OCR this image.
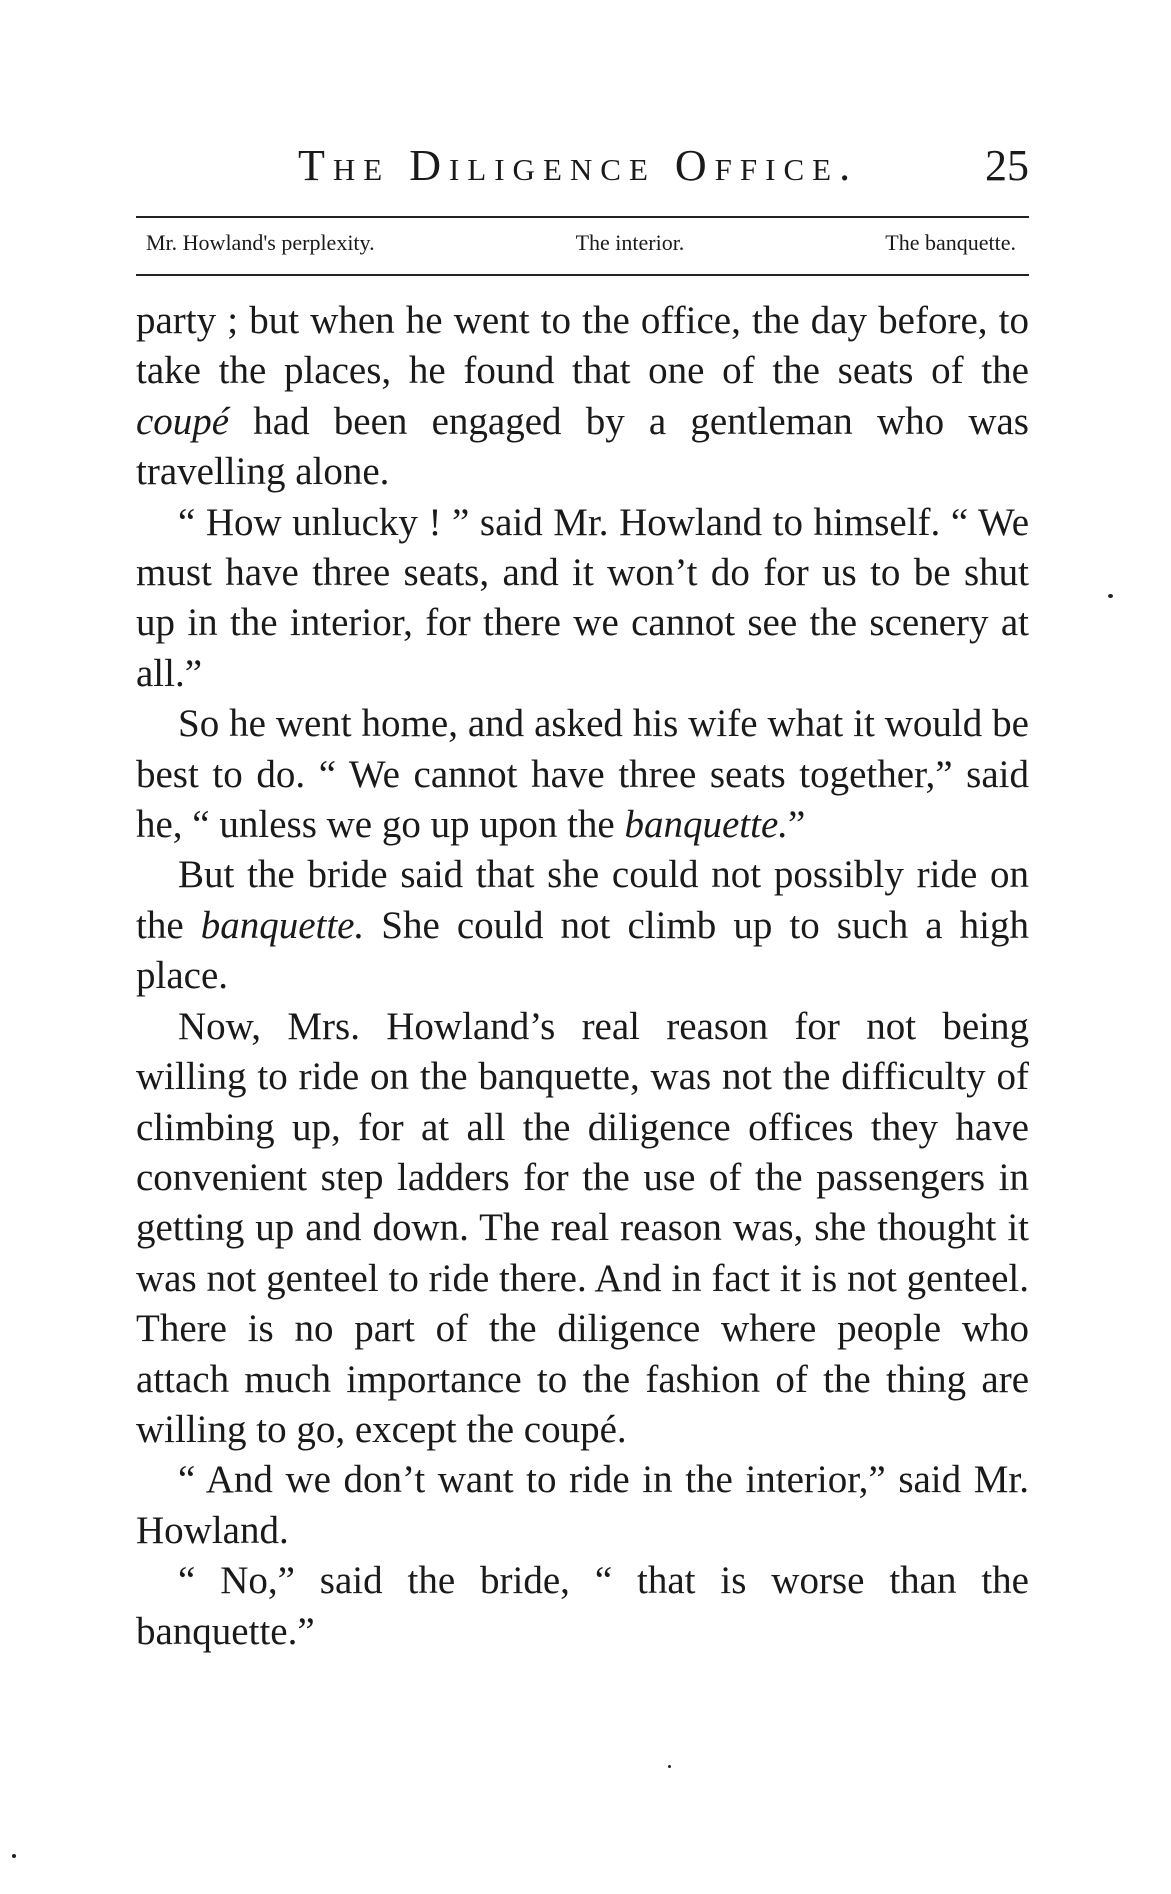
The Diligence Office.	25
Mr. Howland's perplexity.	The interior.	The banquette.

party ; but when he went to the office, the day before, to take the places, he found that one of the seats of the coupé had been engaged by a gentleman who was travelling alone.

“ How unlucky ! ” said Mr. Howland to himself. “ We must have three seats, and it won’t do for us to be shut up in the interior, for there we cannot see the scenery at all.”

So he went home, and asked his wife what it would be best to do. “ We cannot have three seats together,” said he, “ unless we go up upon the banquette.”

But the bride said that she could not possibly ride on the banquette. She could not climb up to such a high place.

Now, Mrs. Howland’s real reason for not being willing to ride on the banquette, was not the difficulty of climbing up, for at all the diligence offices they have convenient step ladders for the use of the passengers in getting up and down. The real reason was, she thought it was not genteel to ride there. And in fact it is not genteel. There is no part of the diligence where people who attach much importance to the fashion of the thing are willing to go, except the coupé.

“ And we don’t want to ride in the interior,” said Mr. Howland.

“ No,” said the bride, “ that is worse than the banquette.”
